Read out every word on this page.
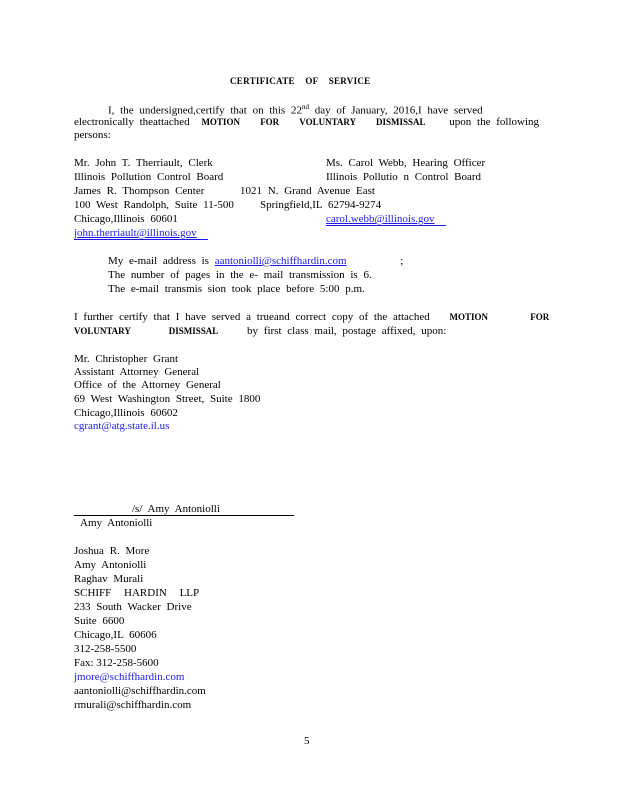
CERTIFICATE OF SERVICE
I, the undersigned,certify that on this 22nd day of January, 2016,I have served
electronically theattached MOTION FOR VOLUNTARY DISMISSAL upon the following
persons:
Mr. John T. Therriault, Clerk
Illinois Pollution Control Board
James R. Thompson Center
100 West Randolph, Suite 11-500
Chicago,Illinois 60601
john.therriault@illinois.gov
Ms. Carol Webb, Hearing Officer
Illinois Pollutio n Control Board
1021 N. Grand Avenue East
Springfield,IL 62794-9274
carol.webb@illinois.gov
My e-mail address is aantoniolli@schiffhardin.com	;
The number of pages in the e- mail transmission is 6.
The e-mail transmis sion took place before 5:00 p.m.
I further certify that I have served a trueand correct copy of the attached MOTION FOR
VOLUNTARY DISMISSAL	by first class mail, postage affixed, upon:
Mr. Christopher Grant
Assistant Attorney General
Office of the Attorney General
69 West Washington Street, Suite 1800
Chicago,Illinois 60602
cgrant@atg.state.il.us
/s/ Amy Antoniolli
Amy Antoniolli
Joshua R. More
Amy Antoniolli
Raghav Murali
SCHIFF HARDIN LLP
233 South Wacker Drive
Suite 6600
Chicago,IL 60606
312-258-5500
Fax: 312-258-5600
jmore@schiffhardin.com
aantoniolli@schiffhardin.com
rmurali@schiffhardin.com
5
